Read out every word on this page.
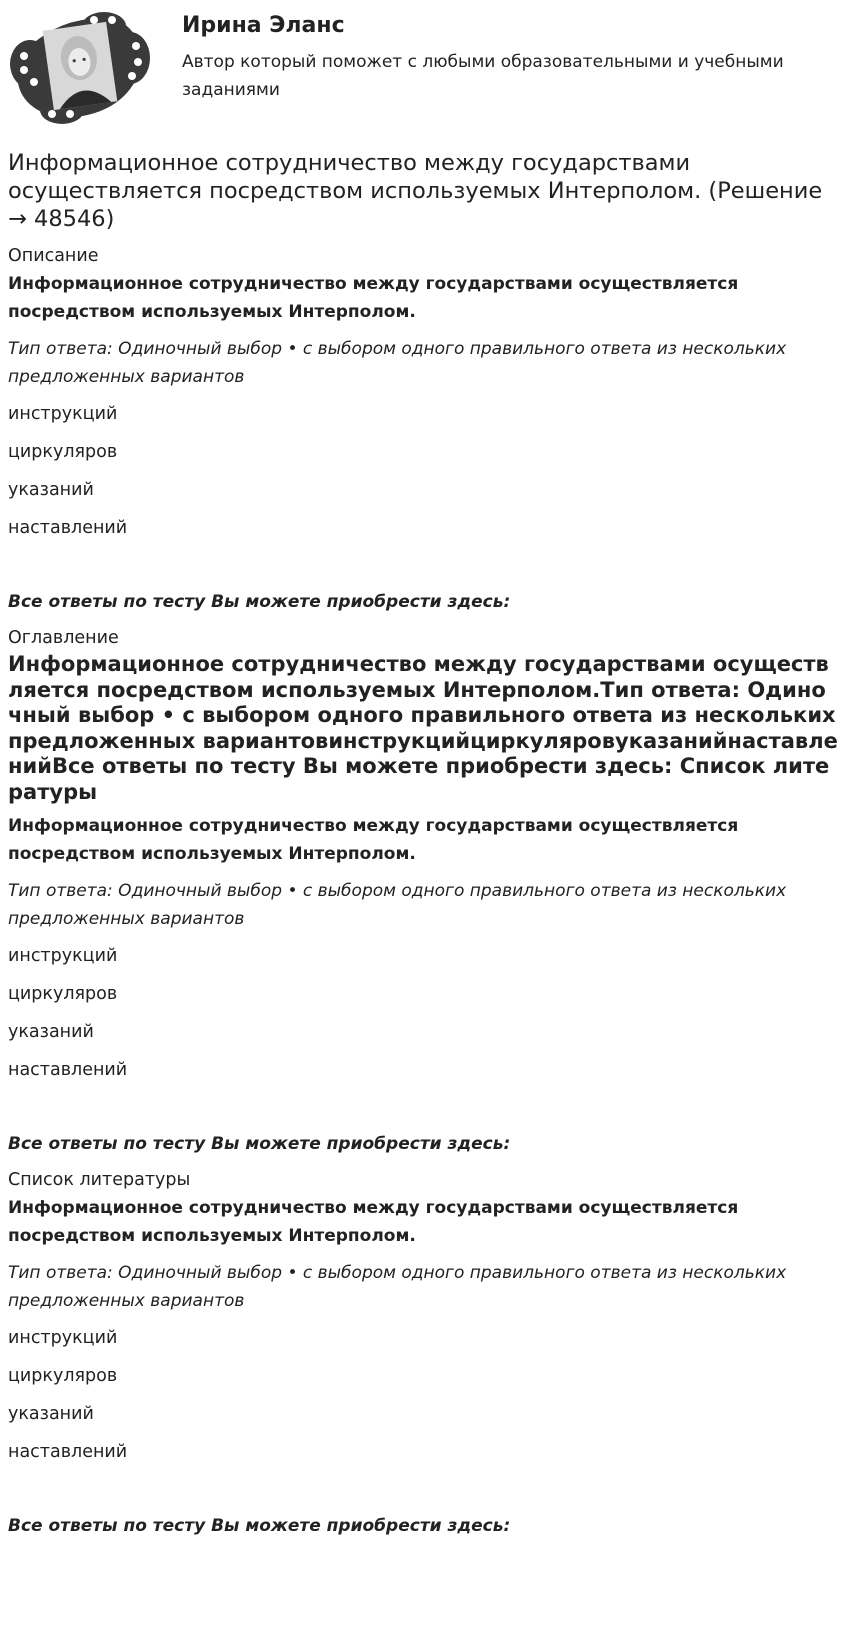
Ирина Эланс
Автор который поможет с любыми образовательными и учебными заданиями
Информационное сотрудничество между государствами осуществляется посредством используемых Интерполом. (Решение → 48546)
Описание
Информационное сотрудничество между государствами осуществляется посредством используемых Интерполом.
Тип ответа: Одиночный выбор • с выбором одного правильного ответа из нескольких предложенных вариантов
инструкций
циркуляров
указаний
наставлений
Все ответы по тесту Вы можете приобрести здесь:
Оглавление
Информационное сотрудничество между государствами осуществляется посредством используемых Интерполом.Тип ответа: Одиночный выбор • с выбором одного правильного ответа из нескольких предложенных вариантовинструкцийциркуляровуказанийнаставленийВсе ответы по тесту Вы можете приобрести здесь: Список литературы
Информационное сотрудничество между государствами осуществляется посредством используемых Интерполом.
Тип ответа: Одиночный выбор • с выбором одного правильного ответа из нескольких предложенных вариантов
инструкций
циркуляров
указаний
наставлений
Все ответы по тесту Вы можете приобрести здесь:
Список литературы
Информационное сотрудничество между государствами осуществляется посредством используемых Интерполом.
Тип ответа: Одиночный выбор • с выбором одного правильного ответа из нескольких предложенных вариантов
инструкций
циркуляров
указаний
наставлений
Все ответы по тесту Вы можете приобрести здесь:
